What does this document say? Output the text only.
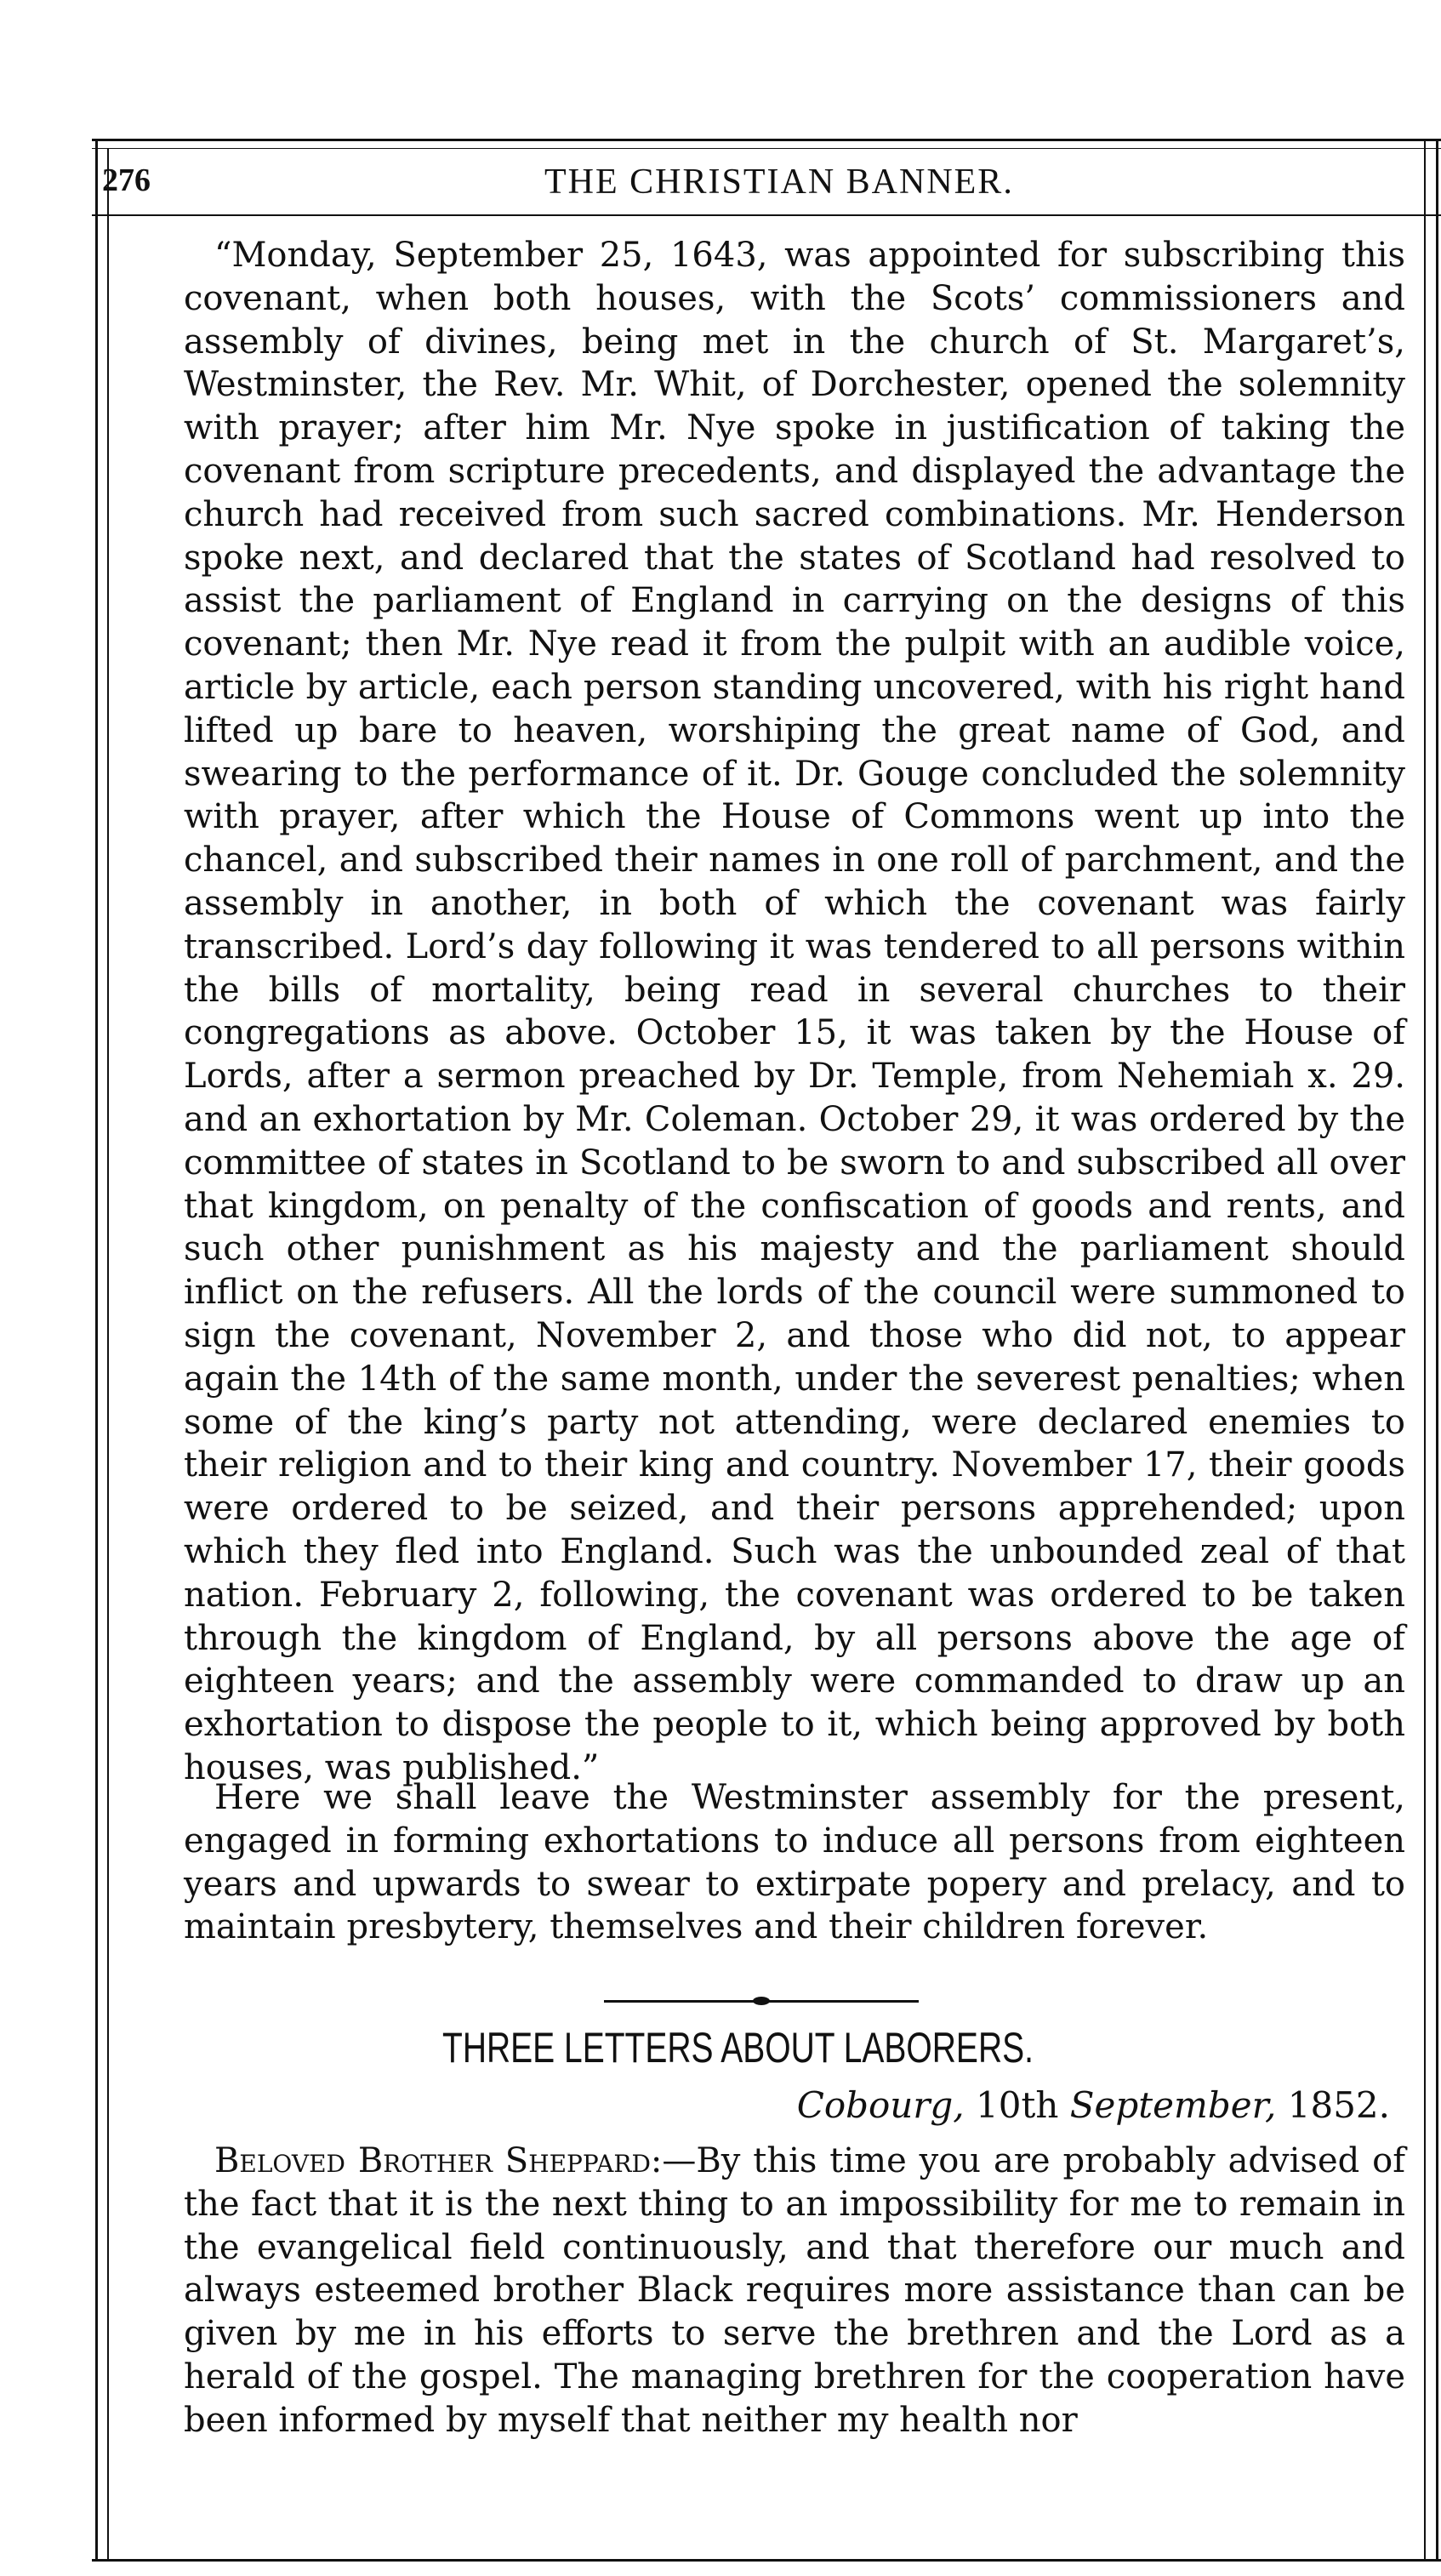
276	THE CHRISTIAN BANNER.

“Monday, September 25, 1643, was appointed for subscribing this covenant, when both houses, with the Scots’ commissioners and assembly of divines, being met in the church of St. Margaret’s, Westminster, the Rev. Mr. Whit, of Dorchester, opened the solemnity with prayer; after him Mr. Nye spoke in justification of taking the covenant from scripture precedents, and displayed the advantage the church had received from such sacred combinations. Mr. Henderson spoke next, and declared that the states of Scotland had resolved to assist the parliament of England in carrying on the designs of this covenant; then Mr. Nye read it from the pulpit with an audible voice, article by article, each person standing uncovered, with his right hand lifted up bare to heaven, worshiping the great name of God, and swearing to the performance of it. Dr. Gouge concluded the solemnity with prayer, after which the House of Commons went up into the chancel, and subscribed their names in one roll of parchment, and the assembly in another, in both of which the covenant was fairly transcribed. Lord’s day following it was tendered to all persons within the bills of mortality, being read in several churches to their congregations as above. October 15, it was taken by the House of Lords, after a sermon preached by Dr. Temple, from Nehemiah x. 29. and an exhortation by Mr. Coleman. October 29, it was ordered by the committee of states in Scotland to be sworn to and subscribed all over that kingdom, on penalty of the confiscation of goods and rents, and such other punishment as his majesty and the parliament should inflict on the refusers. All the lords of the council were summoned to sign the covenant, November 2, and those who did not, to appear again the 14th of the same month, under the severest penalties; when some of the king’s party not attending, were declared enemies to their religion and to their king and country. November 17, their goods were ordered to be seized, and their persons apprehended; upon which they fled into England. Such was the unbounded zeal of that nation. February 2, following, the covenant was ordered to be taken through the kingdom of England, by all persons above the age of eighteen years; and the assembly were commanded to draw up an exhortation to dispose the people to it, which being approved by both houses, was published.”

Here we shall leave the Westminster assembly for the present, engaged in forming exhortations to induce all persons from eighteen years and upwards to swear to extirpate popery and prelacy, and to maintain presbytery, themselves and their children forever.

THREE LETTERS ABOUT LABORERS.
Cobourg, 10th September, 1852.

Beloved Brother Sheppard:—By this time you are probably advised of the fact that it is the next thing to an impossibility for me to remain in the evangelical field continuously, and that therefore our much and always esteemed brother Black requires more assistance than can be given by me in his efforts to serve the brethren and the Lord as a herald of the gospel. The managing brethren for the cooperation have been informed by myself that neither my health nor
